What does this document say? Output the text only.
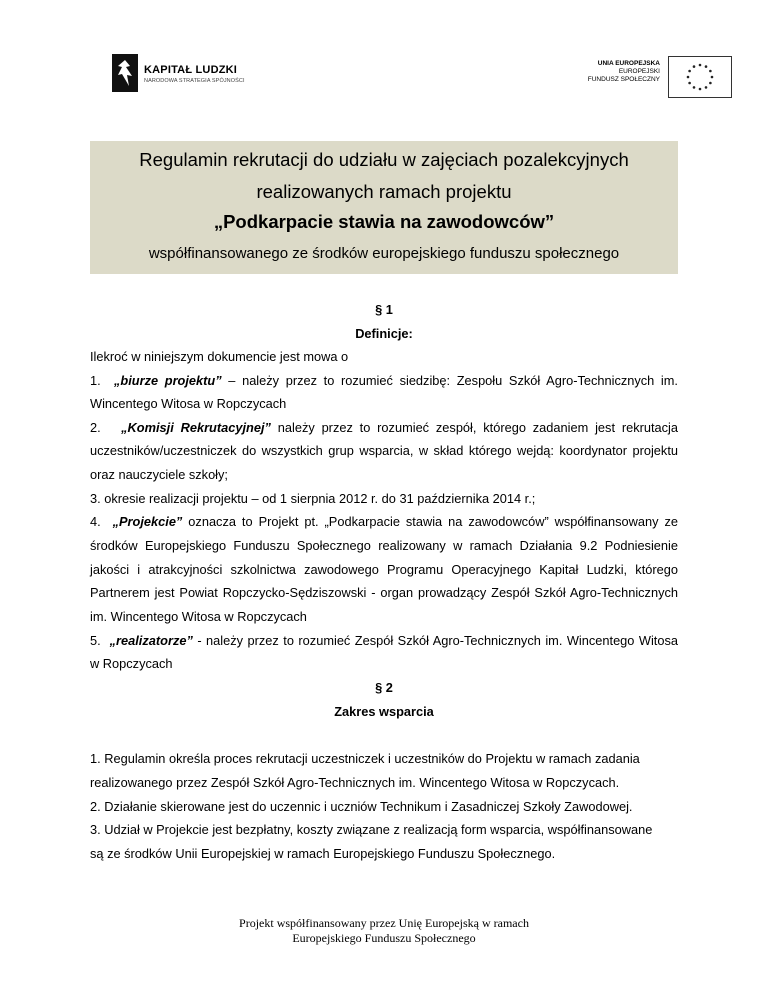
KAPITAŁ LUDZKI
NARODOWA STRATEGIA SPÓJNOŚCI
UNIA EUROPEJSKA
EUROPEJSKI
FUNDUSZ SPOŁECZNY
Regulamin rekrutacji do udziału w zajęciach pozalekcyjnych
realizowanych ramach projektu
„Podkarpacie stawia na zawodowców”
współfinansowanego ze środków europejskiego funduszu społecznego
§ 1
Definicje:
Ilekroć w niniejszym dokumencie jest mowa o
1. „biurze projektu” – należy przez to rozumieć siedzibę: Zespołu Szkół Agro-Technicznych im.
Wincentego Witosa w Ropczycach
2. „Komisji Rekrutacyjnej” należy przez to rozumieć zespół, którego zadaniem jest rekrutacja
uczestników/uczestniczek do wszystkich grup wsparcia, w skład którego wejdą: koordynator projektu
oraz nauczyciele szkoły;
3. okresie realizacji projektu – od 1 sierpnia 2012 r. do 31 października 2014 r.;
4. „Projekcie” oznacza to Projekt pt. „Podkarpacie stawia na zawodowców” współfinansowany ze
środków Europejskiego Funduszu Społecznego realizowany w ramach Działania 9.2 Podniesienie
jakości i atrakcyjności szkolnictwa zawodowego Programu Operacyjnego Kapitał Ludzki, którego
Partnerem jest Powiat Ropczycko-Sędziszowski - organ prowadzący Zespół Szkół Agro-Technicznych
im. Wincentego Witosa w Ropczycach
5. „realizatorze” - należy przez to rozumieć Zespół Szkół Agro-Technicznych im. Wincentego Witosa
w Ropczycach
§ 2
Zakres wsparcia
1. Regulamin określa proces rekrutacji uczestniczek i uczestników do Projektu w ramach zadania
realizowanego przez Zespół Szkół Agro-Technicznych im. Wincentego Witosa w Ropczycach.
2. Działanie skierowane jest do uczennic i uczniów Technikum i Zasadniczej Szkoły Zawodowej.
3. Udział w Projekcie jest bezpłatny, koszty związane z realizacją form wsparcia, współfinansowane
są ze środków Unii Europejskiej w ramach Europejskiego Funduszu Społecznego.
Projekt współfinansowany przez Unię Europejską w ramach
Europejskiego Funduszu Społecznego
